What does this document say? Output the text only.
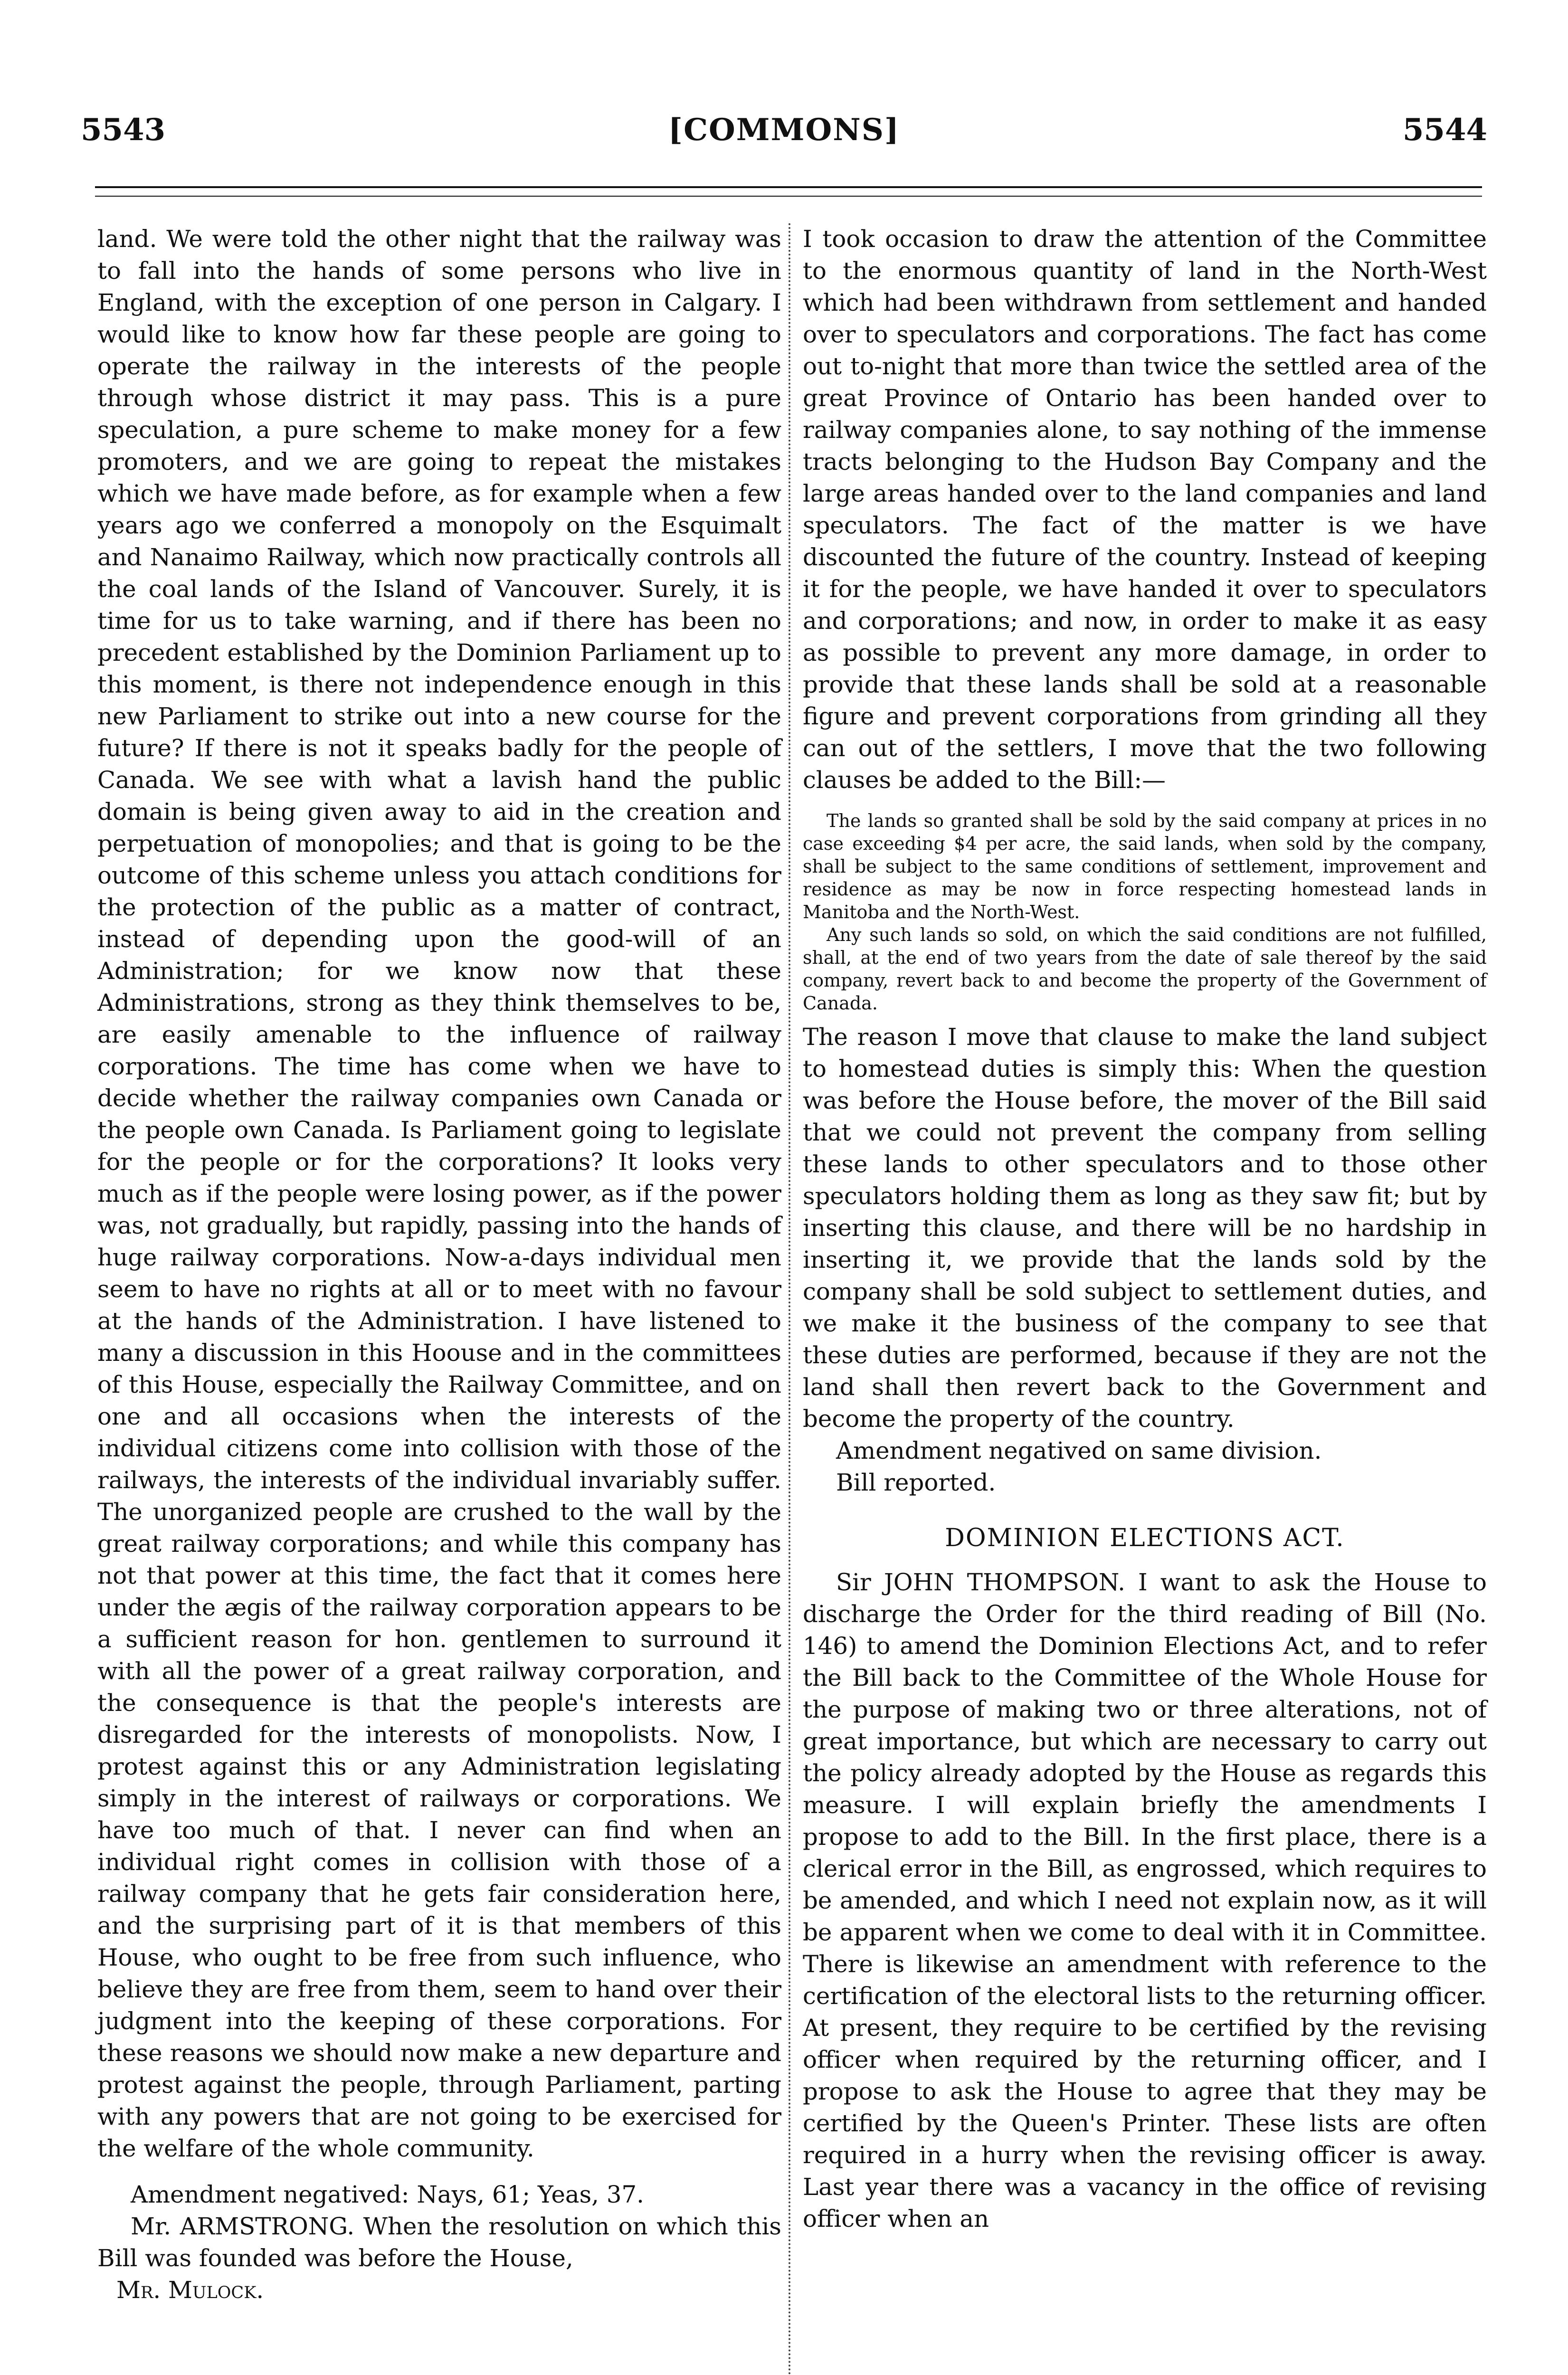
5543	[COMMONS]	5544

land. We were told the other night that the railway was to fall into the hands of some persons who live in England, with the exception of one person in Calgary. I would like to know how far these people are going to operate the railway in the interests of the people through whose district it may pass. This is a pure speculation, a pure scheme to make money for a few promoters, and we are going to repeat the mistakes which we have made before, as for example when a few years ago we conferred a monopoly on the Esquimalt and Nanaimo Railway, which now practically controls all the coal lands of the Island of Vancouver. Surely, it is time for us to take warning, and if there has been no precedent established by the Dominion Parliament up to this moment, is there not independence enough in this new Parliament to strike out into a new course for the future? If there is not it speaks badly for the people of Canada. We see with what a lavish hand the public domain is being given away to aid in the creation and perpetuation of monopolies; and that is going to be the outcome of this scheme unless you attach conditions for the protection of the public as a matter of contract, instead of depending upon the good-will of an Administration; for we know now that these Administrations, strong as they think themselves to be, are easily amenable to the influence of railway corporations. The time has come when we have to decide whether the railway companies own Canada or the people own Canada. Is Parliament going to legislate for the people or for the corporations? It looks very much as if the people were losing power, as if the power was, not gradually, but rapidly, passing into the hands of huge railway corporations. Now-a-days individual men seem to have no rights at all or to meet with no favour at the hands of the Administration. I have listened to many a discussion in this Hoouse and in the committees of this House, especially the Railway Committee, and on one and all occasions when the interests of the individual citizens come into collision with those of the railways, the interests of the individual invariably suffer. The unorganized people are crushed to the wall by the great railway corporations; and while this company has not that power at this time, the fact that it comes here under the ægis of the railway corporation appears to be a sufficient reason for hon. gentlemen to surround it with all the power of a great railway corporation, and the consequence is that the people's interests are disregarded for the interests of monopolists. Now, I protest against this or any Administration legislating simply in the interest of railways or corporations. We have too much of that. I never can find when an individual right comes in collision with those of a railway company that he gets fair consideration here, and the surprising part of it is that members of this House, who ought to be free from such influence, who believe they are free from them, seem to hand over their judgment into the keeping of these corporations. For these reasons we should now make a new departure and protest against the people, through Parliament, parting with any powers that are not going to be exercised for the welfare of the whole community.

Amendment negatived: Nays, 61; Yeas, 37.

Mr. ARMSTRONG. When the resolution on which this Bill was founded was before the House,

Mr. Mulock.

I took occasion to draw the attention of the Committee to the enormous quantity of land in the North-West which had been withdrawn from settlement and handed over to speculators and corporations. The fact has come out to-night that more than twice the settled area of the great Province of Ontario has been handed over to railway companies alone, to say nothing of the immense tracts belonging to the Hudson Bay Company and the large areas handed over to the land companies and land speculators. The fact of the matter is we have discounted the future of the country. Instead of keeping it for the people, we have handed it over to speculators and corporations; and now, in order to make it as easy as possible to prevent any more damage, in order to provide that these lands shall be sold at a reasonable figure and prevent corporations from grinding all they can out of the settlers, I move that the two following clauses be added to the Bill:—

The lands so granted shall be sold by the said company at prices in no case exceeding $4 per acre, the said lands, when sold by the company, shall be subject to the same conditions of settlement, improvement and residence as may be now in force respecting homestead lands in Manitoba and the North-West.

Any such lands so sold, on which the said conditions are not fulfilled, shall, at the end of two years from the date of sale thereof by the said company, revert back to and become the property of the Government of Canada.

The reason I move that clause to make the land subject to homestead duties is simply this: When the question was before the House before, the mover of the Bill said that we could not prevent the company from selling these lands to other speculators and to those other speculators holding them as long as they saw fit; but by inserting this clause, and there will be no hardship in inserting it, we provide that the lands sold by the company shall be sold subject to settlement duties, and we make it the business of the company to see that these duties are performed, because if they are not the land shall then revert back to the Government and become the property of the country.

Amendment negatived on same division.

Bill reported.

DOMINION ELECTIONS ACT.

Sir JOHN THOMPSON. I want to ask the House to discharge the Order for the third reading of Bill (No. 146) to amend the Dominion Elections Act, and to refer the Bill back to the Committee of the Whole House for the purpose of making two or three alterations, not of great importance, but which are necessary to carry out the policy already adopted by the House as regards this measure. I will explain briefly the amendments I propose to add to the Bill. In the first place, there is a clerical error in the Bill, as engrossed, which requires to be amended, and which I need not explain now, as it will be apparent when we come to deal with it in Committee. There is likewise an amendment with reference to the certification of the electoral lists to the returning officer. At present, they require to be certified by the revising officer when required by the returning officer, and I propose to ask the House to agree that they may be certified by the Queen's Printer. These lists are often required in a hurry when the revising officer is away. Last year there was a vacancy in the office of revising officer when an
